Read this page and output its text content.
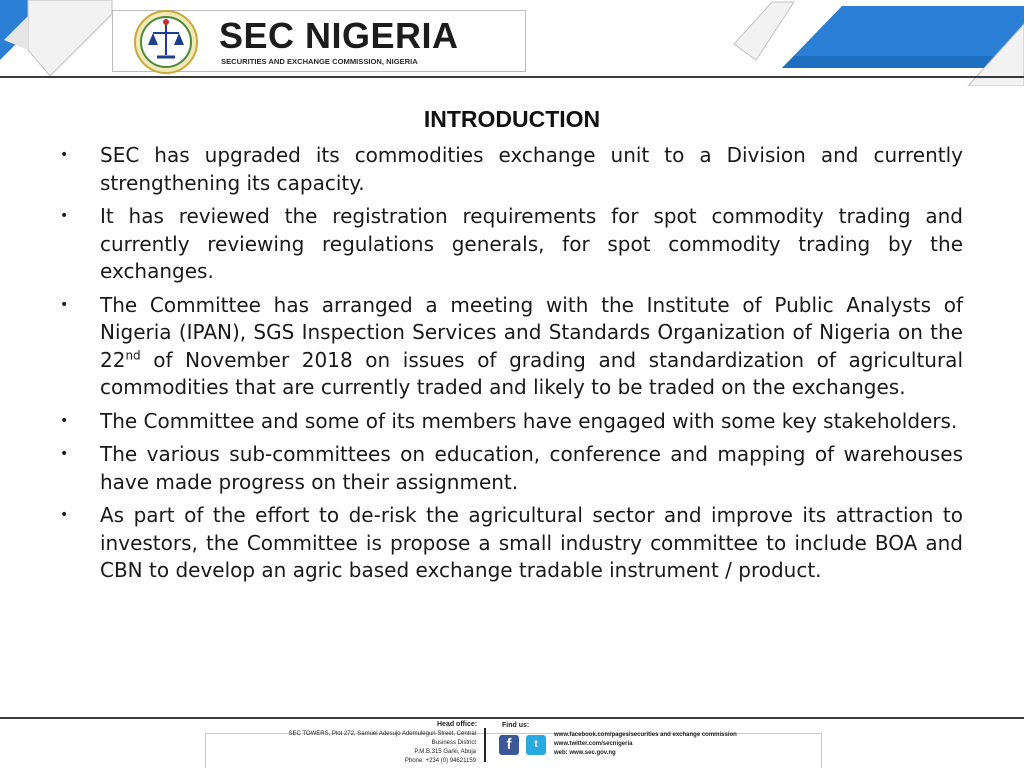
SEC NIGERIA
SECURITIES AND EXCHANGE COMMISSION, NIGERIA
INTRODUCTION
• SEC has upgraded its commodities exchange unit to a Division and currently strengthening its capacity.
• It has reviewed the registration requirements for spot commodity trading and currently reviewing regulations generals, for spot commodity trading by the exchanges.
• The Committee has arranged a meeting with the Institute of Public Analysts of Nigeria (IPAN), SGS Inspection Services and Standards Organization of Nigeria on the 22nd of November 2018 on issues of grading and standardization of agricultural commodities that are currently traded and likely to be traded on the exchanges.
• The Committee and some of its members have engaged with some key stakeholders.
• The various sub-committees on education, conference and mapping of warehouses have made progress on their assignment.
• As part of the effort to de-risk the agricultural sector and improve its attraction to investors, the Committee is propose a small industry committee to include BOA and CBN to develop an agric based exchange tradable instrument / product.
Head office:
SEC TOWERS, Plot 272, Samuel Adesujo Ademulegun Street, Central
Business District
P.M.B.315 Garki, Abuja
Phone: +234 (0) 94621159
Find us:
f	t
www.facebook.com/pages/securities and exchange commission
www.twitter.com/secnigeria
web: www.sec.gov.ng
